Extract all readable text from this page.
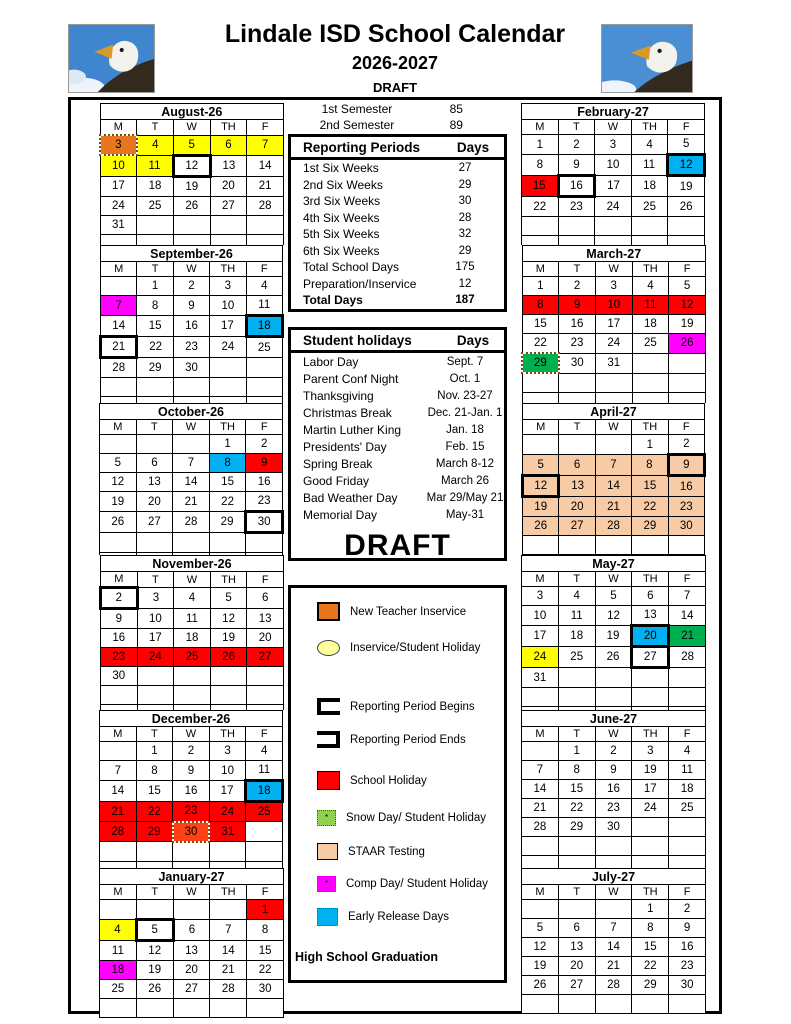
Lindale ISD School Calendar
2026-2027
DRAFT
1st Semester	85
2nd Semester	89
Reporting Periods	Days
1st Six Weeks	27
2nd Six Weeks	29
3rd Six Weeks	30
4th Six Weeks	28
5th Six Weeks	32
6th Six Weeks	29
Total School Days	175
Preparation/Inservice	12
Total Days	187
Student holidays	Days
Labor Day	Sept. 7
Parent Conf Night	Oct. 1
Thanksgiving	Nov. 23-27
Christmas Break	Dec. 21-Jan. 1
Martin Luther King	Jan. 18
Presidents' Day	Feb. 15
Spring Break	March 8-12
Good Friday	March 26
Bad Weather Day	Mar 29/May 21
Memorial Day	May-31
DRAFT
New Teacher Inservice
Inservice/Student Holiday
Reporting Period Begins
Reporting Period Ends
School Holiday
*	Snow Day/ Student Holiday
STAAR Testing
*	Comp Day/ Student Holiday
Early Release Days
High School Graduation
August-26				
M	T	W	TH	F
3	4	5	6	7
10	11	12	13	14
17	18	19	20	21
24	25	26	27	28
31				

September-26				
M	T	W	TH	F
	1	2	3	4
7	8	9	10	11
14	15	16	17	18
21	22	23	24	25
28	29	30		

October-26				
M	T	W	TH	F
			1	2
5	6	7	8	9
12	13	14	15	16
19	20	21	22	23
26	27	28	29	30

November-26				
M	T	W	TH	F
2	3	4	5	6
9	10	11	12	13
16	17	18	19	20
23	24	25	26	27
30				

December-26				
M	T	W	TH	F
	1	2	3	4
7	8	9	10	11
14	15	16	17	18
21	22	23	24	25
28	29	30	31	

January-27				
M	T	W	TH	F
				1
4	5	6	7	8
11	12	13	14	15
18	19	20	21	22
25	26	27	28	30

February-27				
M	T	W	TH	F
1	2	3	4	5
8	9	10	11	12
15	16	17	18	19
22	23	24	25	26

March-27				
M	T	W	TH	F
1	2	3	4	5
8	9	10	11	12
15	16	17	18	19
22	23	24	25	26
29	30	31		

April-27				
M	T	W	TH	F
			1	2
5	6	7	8	9
12	13	14	15	16
19	20	21	22	23
26	27	28	29	30

May-27				
M	T	W	TH	F
3	4	5	6	7
10	11	12	13	14
17	18	19	20	21
24	25	26	27	28
31				

June-27				
M	T	W	TH	F
	1	2	3	4
7	8	9	19	11
14	15	16	17	18
21	22	23	24	25
28	29	30		

July-27				
M	T	W	TH	F
			1	2
5	6	7	8	9
12	13	14	15	16
19	20	21	22	23
26	27	28	29	30
